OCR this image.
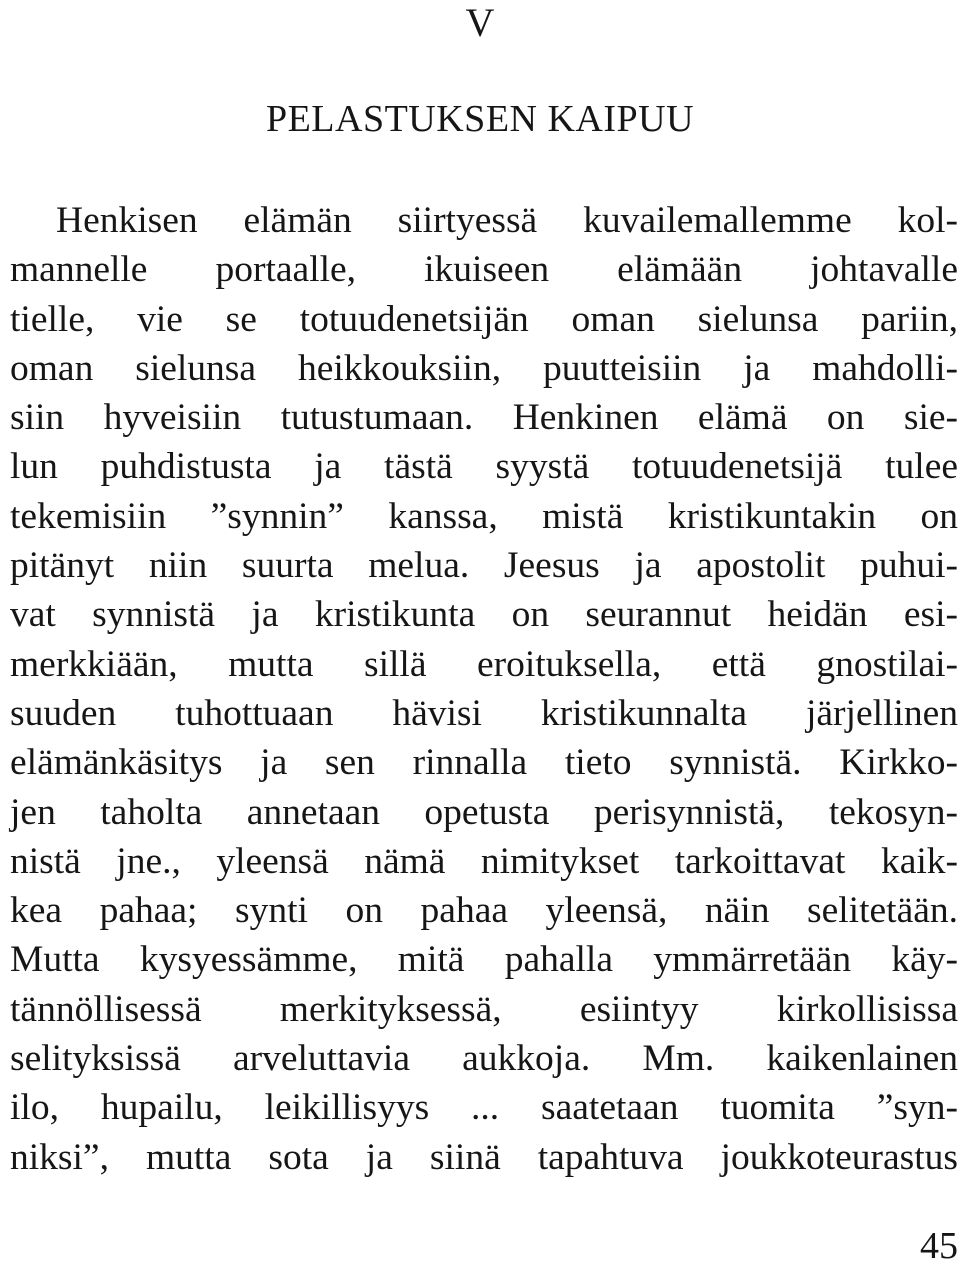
V
PELASTUKSEN KAIPUU
Henkisen elämän siirtyessä kuvailemallemme kol-
mannelle portaalle, ikuiseen elämään johtavalle
tielle, vie se totuudenetsijän oman sielunsa pariin,
oman sielunsa heikkouksiin, puutteisiin ja mahdolli-
siin hyveisiin tutustumaan. Henkinen elämä on sie-
lun puhdistusta ja tästä syystä totuudenetsijä tulee
tekemisiin ”synnin” kanssa, mistä kristikuntakin on
pitänyt niin suurta melua. Jeesus ja apostolit puhui-
vat synnistä ja kristikunta on seurannut heidän esi-
merkkiään, mutta sillä eroituksella, että gnostilai-
suuden tuhottuaan hävisi kristikunnalta järjellinen
elämänkäsitys ja sen rinnalla tieto synnistä. Kirkko-
jen taholta annetaan opetusta perisynnistä, tekosyn-
nistä jne., yleensä nämä nimitykset tarkoittavat kaik-
kea pahaa; synti on pahaa yleensä, näin selitetään.
Mutta kysyessämme, mitä pahalla ymmärretään käy-
tännöllisessä merkityksessä, esiintyy kirkollisissa
selityksissä arveluttavia aukkoja. Mm. kaikenlainen
ilo, hupailu, leikillisyys ... saatetaan tuomita ”syn-
niksi”, mutta sota ja siinä tapahtuva joukkoteurastus
45
